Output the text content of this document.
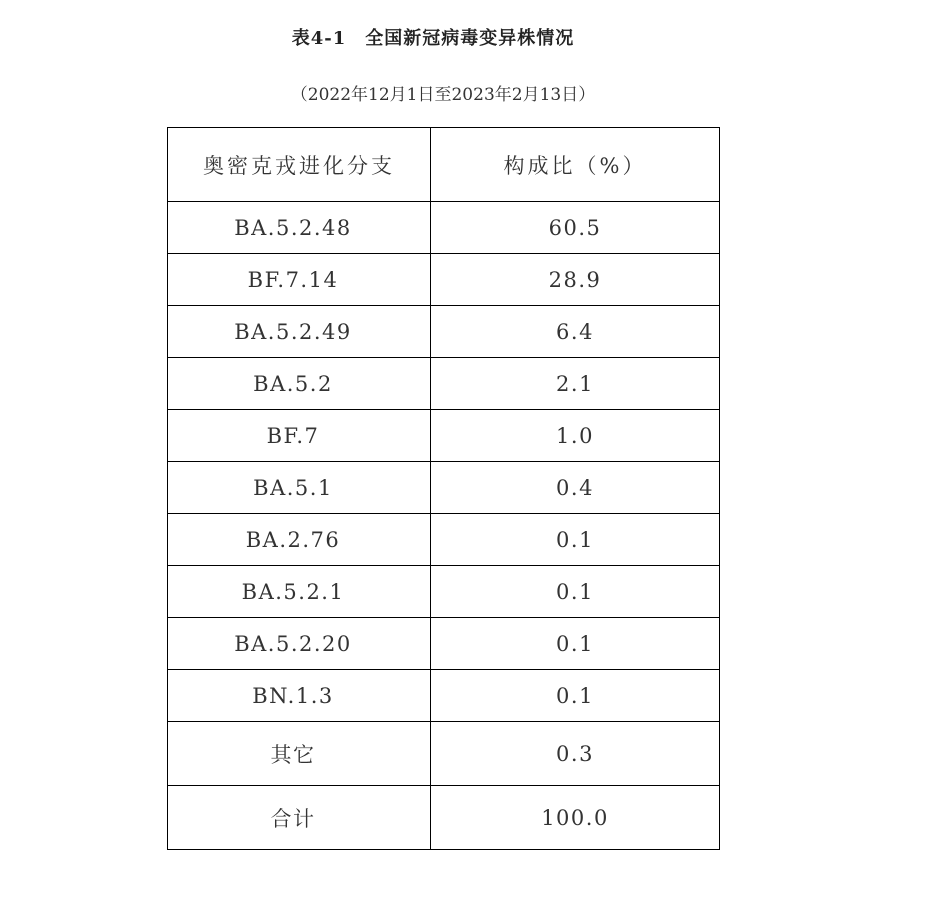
表4-1　全国新冠病毒变异株情况
（2022年12月1日至2023年2月13日）
奥密克戎进化分支	构成比（%）
BA.5.2.48	60.5
BF.7.14	28.9
BA.5.2.49	6.4
BA.5.2	2.1
BF.7	1.0
BA.5.1	0.4
BA.2.76	0.1
BA.5.2.1	0.1
BA.5.2.20	0.1
BN.1.3	0.1
其它	0.3
合计	100.0
